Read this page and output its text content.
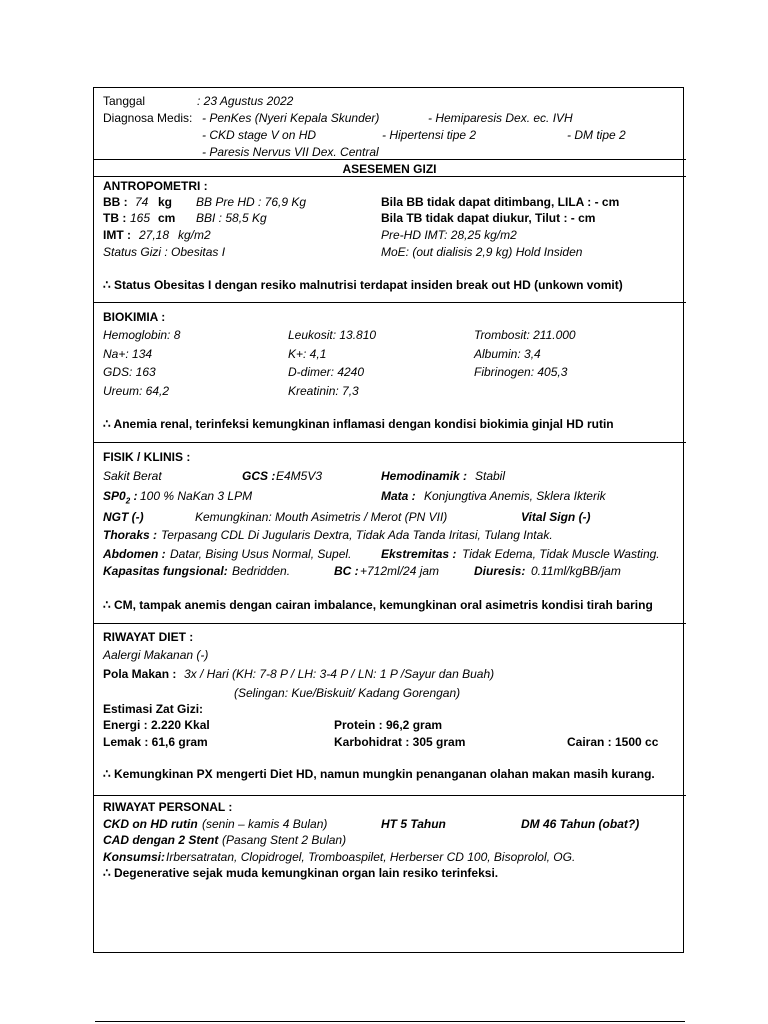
Tanggal	: 23 Agustus 2022
Diagnosa Medis: - PenKes (Nyeri Kepala Skunder)	- Hemiparesis Dex. ec. IVH
- CKD stage V on HD	- Hipertensi tipe 2	- DM tipe 2
- Paresis Nervus VII Dex. Central
ASESEMEN GIZI
ANTROPOMETRI :
BB : 74 kg BB Pre HD : 76,9 Kg	Bila BB tidak dapat ditimbang, LILA : - cm
TB : 165 cm BBI : 58,5 Kg	Bila TB tidak dapat diukur, Tilut : - cm
IMT : 27,18 kg/m2	Pre-HD IMT: 28,25 kg/m2
Status Gizi : Obesitas I	MoE: (out dialisis 2,9 kg) Hold Insiden
∴ Status Obesitas I dengan resiko malnutrisi terdapat insiden break out HD (unkown vomit)
BIOKIMIA :
Hemoglobin: 8	Leukosit: 13.810	Trombosit: 211.000
Na+: 134	K+: 4,1	Albumin: 3,4
GDS: 163	D-dimer: 4240	Fibrinogen: 405,3
Ureum: 64,2	Kreatinin: 7,3
∴ Anemia renal, terinfeksi kemungkinan inflamasi dengan kondisi biokimia ginjal HD rutin
FISIK / KLINIS :
Sakit Berat	GCS : E4M5V3	Hemodinamik : Stabil
$SP0_2$ : 100 % NaKan 3 LPM	Mata : Konjungtiva Anemis, Sklera Ikterik
NGT (-)	Kemungkinan: Mouth Asimetris / Merot (PN VII)	Vital Sign (-)
Thoraks : Terpasang CDL Di Jugularis Dextra, Tidak Ada Tanda Iritasi, Tulang Intak.
Abdomen : Datar, Bising Usus Normal, Supel. Ekstremitas : Tidak Edema, Tidak Muscle Wasting.
Kapasitas fungsional: Bedridden.	BC : +712ml/24 jam	Diuresis: 0.11ml/kgBB/jam
∴ CM, tampak anemis dengan cairan imbalance, kemungkinan oral asimetris kondisi tirah baring
RIWAYAT DIET :
Aalergi Makanan (-)
Pola Makan : 3x / Hari (KH: 7-8 P / LH: 3-4 P / LN: 1 P /Sayur dan Buah)
(Selingan: Kue/Biskuit/ Kadang Gorengan)
Estimasi Zat Gizi:
Energi : 2.220 Kkal	Protein : 96,2 gram
Lemak : 61,6 gram	Karbohidrat : 305 gram	Cairan : 1500 cc
∴ Kemungkinan PX mengerti Diet HD, namun mungkin penanganan olahan makan masih kurang.
RIWAYAT PERSONAL :
CKD on HD rutin (senin – kamis 4 Bulan)	HT 5 Tahun	DM 46 Tahun (obat?)
CAD dengan 2 Stent (Pasang Stent 2 Bulan)
Konsumsi: Irbersatratan, Clopidrogel, Tromboaspilet, Herberser CD 100, Bisoprolol, OG.
∴ Degenerative sejak muda kemungkinan organ lain resiko terinfeksi.
